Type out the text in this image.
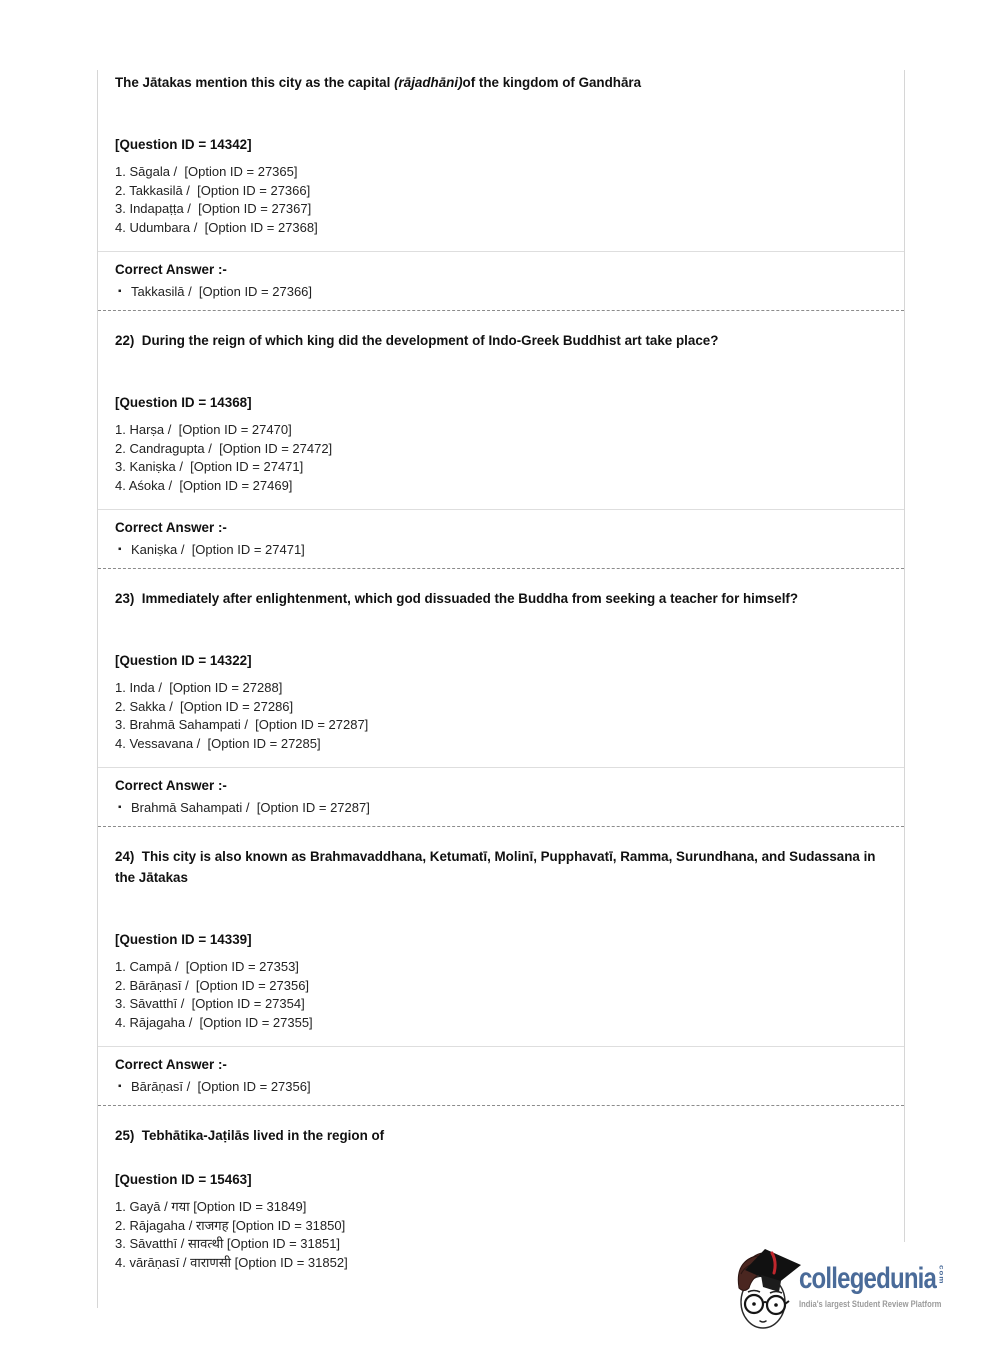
The Jātakas mention this city as the capital (rājadhāni)of the kingdom of Gandhāra

[Question ID = 14342]

1. Sāgala /  [Option ID = 27365]

2. Takkasilā /  [Option ID = 27366]

3. Indapaṭṭa /  [Option ID = 27367]

4. Udumbara /  [Option ID = 27368]

Correct Answer :-

▪
Takkasilā /  [Option ID = 27366]

22)  During the reign of which king did the development of Indo-Greek Buddhist art take place?

[Question ID = 14368]

1. Harṣa /  [Option ID = 27470]

2. Candragupta /  [Option ID = 27472]

3. Kaniṣka /  [Option ID = 27471]

4. Aśoka /  [Option ID = 27469]

Correct Answer :-

▪
Kaniṣka /  [Option ID = 27471]

23)  Immediately after enlightenment, which god dissuaded the Buddha from seeking a teacher for himself?

[Question ID = 14322]

1. Inda /  [Option ID = 27288]

2. Sakka /  [Option ID = 27286]

3. Brahmā Sahampati /  [Option ID = 27287]

4. Vessavana /  [Option ID = 27285]

Correct Answer :-

▪
Brahmā Sahampati /  [Option ID = 27287]

24)  This city is also known as Brahmavaddhana, Ketumatī, Molinī, Pupphavatī, Ramma, Surundhana, and Sudassana in the Jātakas

[Question ID = 14339]

1. Campā /  [Option ID = 27353]

2. Bārāṇasī /  [Option ID = 27356]

3. Sāvatthī /  [Option ID = 27354]

4. Rājagaha /  [Option ID = 27355]

Correct Answer :-

▪
Bārāṇasī /  [Option ID = 27356]

25)  Tebhātika-Jaṭilās lived in the region of

[Question ID = 15463]

1. Gayā / गया [Option ID = 31849]

2. Rājagaha / राजगह [Option ID = 31850]

3. Sāvatthī / सावत्थी [Option ID = 31851]

4. vārāṇasī / वाराणसी [Option ID = 31852]	collegedunia com
India's largest Student Review Platform
